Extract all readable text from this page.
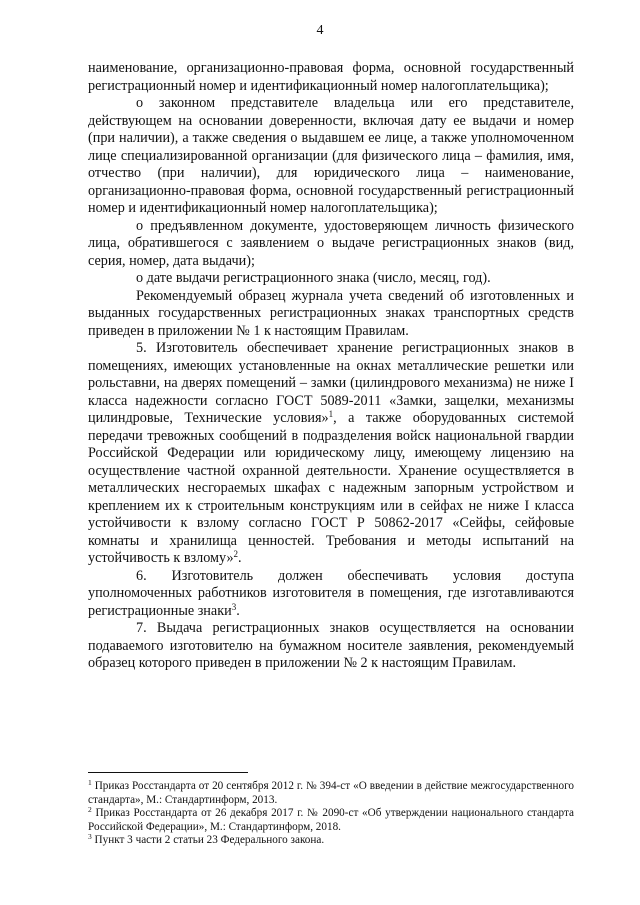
4

наименование, организационно-правовая форма, основной государственный регистрационный номер и идентификационный номер налогоплательщика);

о законном представителе владельца или его представителе, действующем на основании доверенности, включая дату ее выдачи и номер (при наличии), а также сведения о выдавшем ее лице, а также уполномоченном лице специализированной организации (для физического лица – фамилия, имя, отчество (при наличии), для юридического лица – наименование, организационно-правовая форма, основной государственный регистрационный номер и идентификационный номер налогоплательщика);

о предъявленном документе, удостоверяющем личность физического лица, обратившегося с заявлением о выдаче регистрационных знаков (вид, серия, номер, дата выдачи);

о дате выдачи регистрационного знака (число, месяц, год).

Рекомендуемый образец журнала учета сведений об изготовленных и выданных государственных регистрационных знаках транспортных средств приведен в приложении № 1 к настоящим Правилам.

5. Изготовитель обеспечивает хранение регистрационных знаков в помещениях, имеющих установленные на окнах металлические решетки или рольставни, на дверях помещений – замки (цилиндрового механизма) не ниже I класса надежности согласно ГОСТ 5089-2011 «Замки, защелки, механизмы цилиндровые, Технические условия»$^1$, а также оборудованных системой передачи тревожных сообщений в подразделения войск национальной гвардии Российской Федерации или юридическому лицу, имеющему лицензию на осуществление частной охранной деятельности. Хранение осуществляется в металлических несгораемых шкафах с надежным запорным устройством и креплением их к строительным конструкциям или в сейфах не ниже I класса устойчивости к взлому согласно ГОСТ Р 50862-2017 «Сейфы, сейфовые комнаты и хранилища ценностей. Требования и методы испытаний на устойчивость к взлому»$^2$.

6. Изготовитель должен обеспечивать условия доступа уполномоченных работников изготовителя в помещения, где изготавливаются регистрационные знаки$^3$.

7. Выдача регистрационных знаков осуществляется на основании подаваемого изготовителю на бумажном носителе заявления, рекомендуемый образец которого приведен в приложении № 2 к настоящим Правилам.

$^1$ Приказ Росстандарта от 20 сентября 2012 г. № 394-ст «О введении в действие межгосударственного стандарта», М.: Стандартинформ, 2013.

$^2$ Приказ Росстандарта от 26 декабря 2017 г. № 2090-ст «Об утверждении национального стандарта Российской Федерации», М.: Стандартинформ, 2018.

$^3$ Пункт 3 части 2 статьи 23 Федерального закона.
